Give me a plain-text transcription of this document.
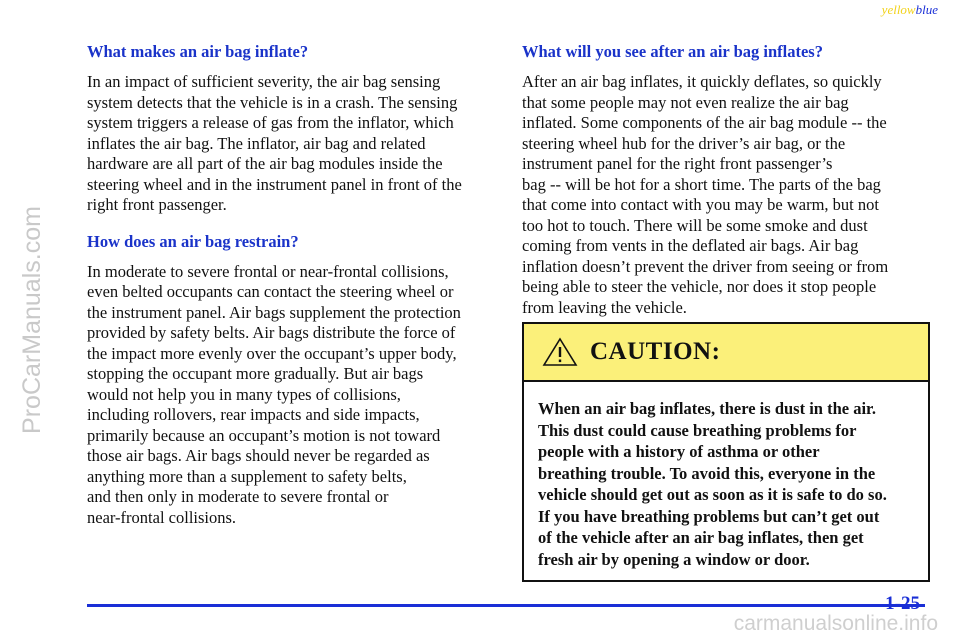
yellowblue
ProCarManuals.com
What makes an air bag inflate?

In an impact of sufficient severity, the air bag sensing
system detects that the vehicle is in a crash. The sensing
system triggers a release of gas from the inflator, which
inflates the air bag. The inflator, air bag and related
hardware are all part of the air bag modules inside the
steering wheel and in the instrument panel in front of the
right front passenger.

How does an air bag restrain?

In moderate to severe frontal or near-frontal collisions,
even belted occupants can contact the steering wheel or
the instrument panel. Air bags supplement the protection
provided by safety belts. Air bags distribute the force of
the impact more evenly over the occupant’s upper body,
stopping the occupant more gradually. But air bags
would not help you in many types of collisions,
including rollovers, rear impacts and side impacts,
primarily because an occupant’s motion is not toward
those air bags. Air bags should never be regarded as
anything more than a supplement to safety belts,
and then only in moderate to severe frontal or
near-frontal collisions.

What will you see after an air bag inflates?

After an air bag inflates, it quickly deflates, so quickly
that some people may not even realize the air bag
inflated. Some components of the air bag module -- the
steering wheel hub for the driver’s air bag, or the
instrument panel for the right front passenger’s
bag -- will be hot for a short time. The parts of the bag
that come into contact with you may be warm, but not
too hot to touch. There will be some smoke and dust
coming from vents in the deflated air bags. Air bag
inflation doesn’t prevent the driver from seeing or from
being able to steer the vehicle, nor does it stop people
from leaving the vehicle.

CAUTION:
When an air bag inflates, there is dust in the air.
This dust could cause breathing problems for
people with a history of asthma or other
breathing trouble. To avoid this, everyone in the
vehicle should get out as soon as it is safe to do so.
If you have breathing problems but can’t get out
of the vehicle after an air bag inflates, then get
fresh air by opening a window or door.
1-25
carmanualsonline.info
